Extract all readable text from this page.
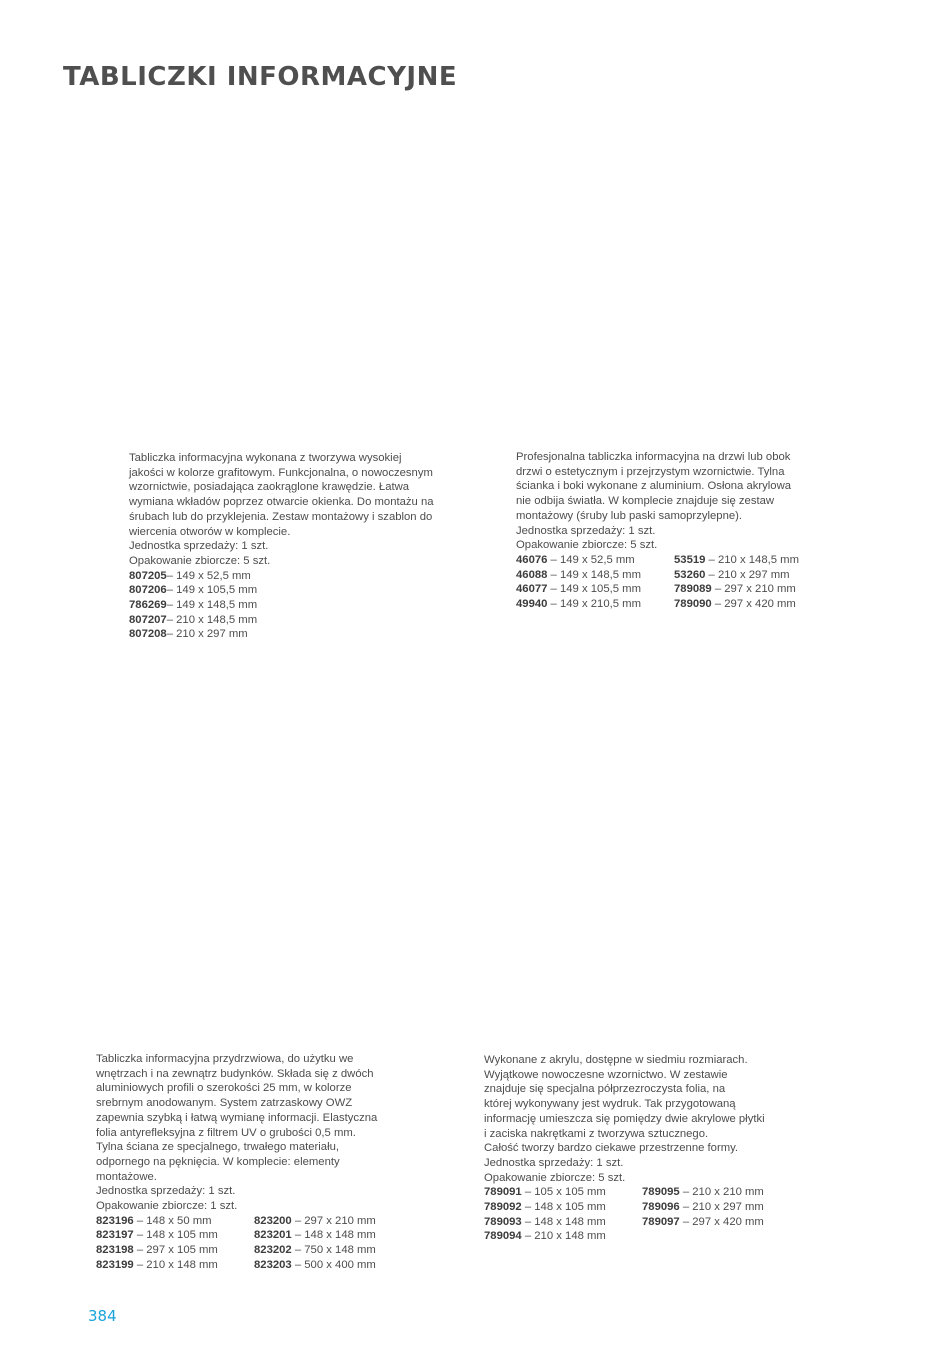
TABLICZKI INFORMACYJNE
Tabliczka informacyjna wykonana z tworzywa wysokiej
jakości w kolorze grafitowym. Funkcjonalna, o nowoczesnym
wzornictwie, posiadająca zaokrąglone krawędzie. Łatwa
wymiana wkładów poprzez otwarcie okienka. Do montażu na
śrubach lub do przyklejenia. Zestaw montażowy i szablon do
wiercenia otworów w komplecie.
Jednostka sprzedaży: 1 szt.
Opakowanie zbiorcze: 5 szt.
807205 – 149 x 52,5 mm
807206 – 149 x 105,5 mm
786269 – 149 x 148,5 mm
807207 – 210 x 148,5 mm
807208 – 210 x 297 mm
Profesjonalna tabliczka informacyjna na drzwi lub obok
drzwi o estetycznym i przejrzystym wzornictwie. Tylna
ścianka i boki wykonane z aluminium. Osłona akrylowa
nie odbija światła. W komplecie znajduje się zestaw
montażowy (śruby lub paski samoprzylepne).
Jednostka sprzedaży: 1 szt.
Opakowanie zbiorcze: 5 szt.
46076 – 149 x 52,5 mm	53519 – 210 x 148,5 mm
46088 – 149 x 148,5 mm	53260 – 210 x 297 mm
46077 – 149 x 105,5 mm	789089 – 297 x 210 mm
49940 – 149 x 210,5 mm	789090 – 297 x 420 mm
Tabliczka informacyjna przydrzwiowa, do użytku we
wnętrzach i na zewnątrz budynków. Składa się z dwóch
aluminiowych profili o szerokości 25 mm, w kolorze
srebrnym anodowanym. System zatrzaskowy OWZ
zapewnia szybką i łatwą wymianę informacji. Elastyczna
folia antyrefleksyjna z filtrem UV o grubości 0,5 mm.
Tylna ściana ze specjalnego, trwałego materiału,
odpornego na pęknięcia. W komplecie: elementy
montażowe.
Jednostka sprzedaży: 1 szt.
Opakowanie zbiorcze: 1 szt.
823196 – 148 x 50 mm	823200 – 297 x 210 mm
823197 – 148 x 105 mm	823201 – 148 x 148 mm
823198 – 297 x 105 mm	823202 – 750 x 148 mm
823199 – 210 x 148 mm	823203 – 500 x 400 mm
Wykonane z akrylu, dostępne w siedmiu rozmiarach.
Wyjątkowe nowoczesne wzornictwo. W zestawie
znajduje się specjalna półprzezroczysta folia, na
której wykonywany jest wydruk. Tak przygotowaną
informację umieszcza się pomiędzy dwie akrylowe płytki
i zaciska nakrętkami z tworzywa sztucznego.
Całość tworzy bardzo ciekawe przestrzenne formy.
Jednostka sprzedaży: 1 szt.
Opakowanie zbiorcze: 5 szt.
789091 – 105 x 105 mm	789095 – 210 x 210 mm
789092 – 148 x 105 mm	789096 – 210 x 297 mm
789093 – 148 x 148 mm	789097 – 297 x 420 mm
789094 – 210 x 148 mm
384
